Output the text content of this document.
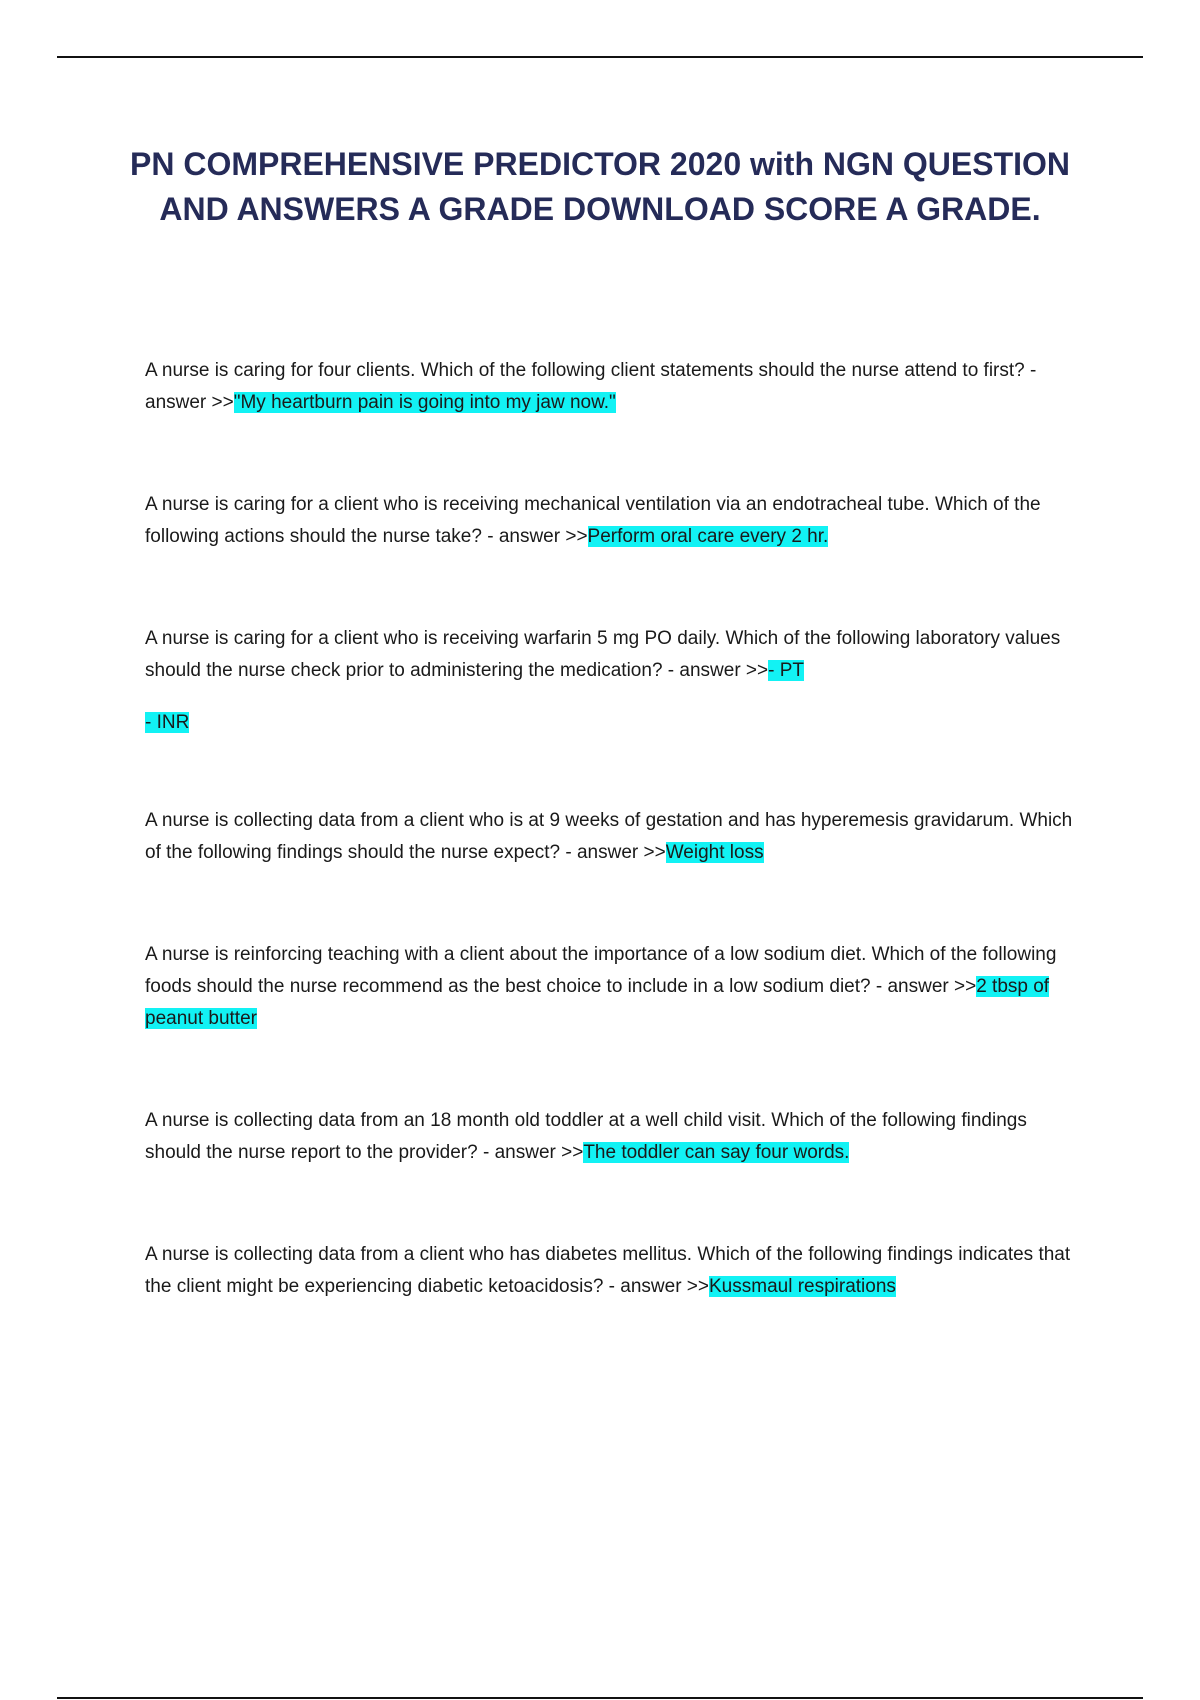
PN COMPREHENSIVE PREDICTOR 2020 with NGN QUESTION AND ANSWERS A GRADE DOWNLOAD SCORE A GRADE.

A nurse is caring for four clients. Which of the following client statements should the nurse attend to first? - answer >>"My heartburn pain is going into my jaw now."

A nurse is caring for a client who is receiving mechanical ventilation via an endotracheal tube. Which of the following actions should the nurse take? - answer >>Perform oral care every 2 hr.

A nurse is caring for a client who is receiving warfarin 5 mg PO daily. Which of the following laboratory values should the nurse check prior to administering the medication? - answer >>- PT

- INR

A nurse is collecting data from a client who is at 9 weeks of gestation and has hyperemesis gravidarum. Which of the following findings should the nurse expect? - answer >>Weight loss

A nurse is reinforcing teaching with a client about the importance of a low sodium diet. Which of the following foods should the nurse recommend as the best choice to include in a low sodium diet? - answer >>2 tbsp of peanut butter

A nurse is collecting data from an 18 month old toddler at a well child visit. Which of the following findings should the nurse report to the provider? - answer >>The toddler can say four words.

A nurse is collecting data from a client who has diabetes mellitus. Which of the following findings indicates that the client might be experiencing diabetic ketoacidosis? - answer >>Kussmaul respirations
